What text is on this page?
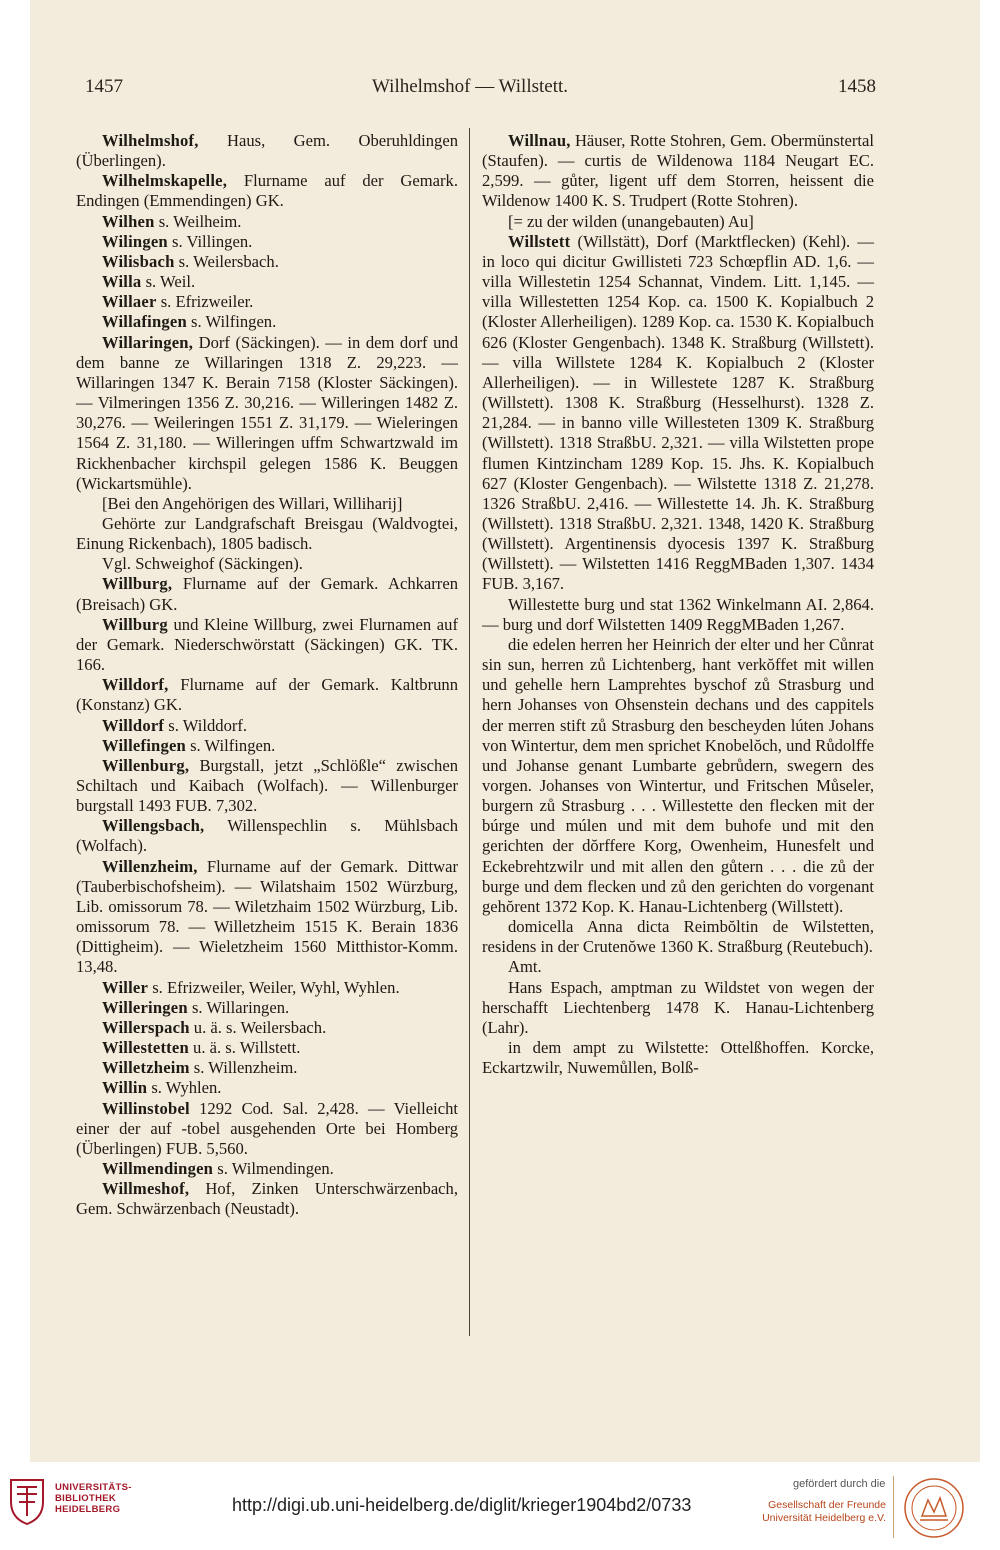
1457	Wilhelmshof — Willstett.	1458

Wilhelmshof, Haus, Gem. Oberuhldingen (Überlingen).

Wilhelmskapelle, Flurname auf der Gemark. Endingen (Emmendingen) GK.

Wilhen s. Weilheim.

Wilingen s. Villingen.

Wilisbach s. Weilersbach.

Willa s. Weil.

Willaer s. Efrizweiler.

Willafingen s. Wilfingen.

Willaringen, Dorf (Säckingen). — in dem dorf und dem banne ze Willaringen 1318 Z. 29,223. — Willaringen 1347 K. Berain 7158 (Kloster Säckingen). — Vilmeringen 1356 Z. 30,216. — Willeringen 1482 Z. 30,276. — Weileringen 1551 Z. 31,179. — Wieleringen 1564 Z. 31,180. — Willeringen uffm Schwartzwald im Rickhenbacher kirchspil gelegen 1586 K. Beuggen (Wickartsmühle).

[Bei den Angehörigen des Willari, Williharij]

Gehörte zur Landgrafschaft Breisgau (Waldvogtei, Einung Rickenbach), 1805 badisch.

Vgl. Schweighof (Säckingen).

Willburg, Flurname auf der Gemark. Achkarren (Breisach) GK.

Willburg und Kleine Willburg, zwei Flurnamen auf der Gemark. Niederschwörstatt (Säckingen) GK. TK. 166.

Willdorf, Flurname auf der Gemark. Kaltbrunn (Konstanz) GK.

Willdorf s. Wilddorf.

Willefingen s. Wilfingen.

Willenburg, Burgstall, jetzt „Schlößle“ zwischen Schiltach und Kaibach (Wolfach). — Willenburger burgstall 1493 FUB. 7,302.

Willengsbach, Willenspechlin s. Mühlsbach (Wolfach).

Willenzheim, Flurname auf der Gemark. Dittwar (Tauberbischofsheim). — Wilatshaim 1502 Würzburg, Lib. omissorum 78. — Wiletzhaim 1502 Würzburg, Lib. omissorum 78. — Willetzheim 1515 K. Berain 1836 (Dittigheim). — Wieletzheim 1560 Mitthistor-Komm. 13,48.

Willer s. Efrizweiler, Weiler, Wyhl, Wyhlen.

Willeringen s. Willaringen.

Willerspach u. ä. s. Weilersbach.

Willestetten u. ä. s. Willstett.

Willetzheim s. Willenzheim.

Willin s. Wyhlen.

Willinstobel 1292 Cod. Sal. 2,428. — Vielleicht einer der auf -tobel ausgehenden Orte bei Homberg (Überlingen) FUB. 5,560.

Willmendingen s. Wilmendingen.

Willmeshof, Hof, Zinken Unterschwärzenbach, Gem. Schwärzenbach (Neustadt).

Willnau, Häuser, Rotte Stohren, Gem. Obermünstertal (Staufen). — curtis de Wildenowa 1184 Neugart EC. 2,599. — gůter, ligent uff dem Storren, heissent die Wildenow 1400 K. S. Trudpert (Rotte Stohren).

[= zu der wilden (unangebauten) Au]

Willstett (Willstätt), Dorf (Marktflecken) (Kehl). — in loco qui dicitur Gwillisteti 723 Schœpflin AD. 1,6. — villa Willestetin 1254 Schannat, Vindem. Litt. 1,145. — villa Willestetten 1254 Kop. ca. 1500 K. Kopialbuch 2 (Kloster Allerheiligen). 1289 Kop. ca. 1530 K. Kopialbuch 626 (Kloster Gengenbach). 1348 K. Straßburg (Willstett). — villa Willstete 1284 K. Kopialbuch 2 (Kloster Allerheiligen). — in Willestete 1287 K. Straßburg (Willstett). 1308 K. Straßburg (Hesselhurst). 1328 Z. 21,284. — in banno ville Willesteten 1309 K. Straßburg (Willstett). 1318 StraßbU. 2,321. — villa Wilstetten prope flumen Kintzincham 1289 Kop. 15. Jhs. K. Kopialbuch 627 (Kloster Gengenbach). — Wilstette 1318 Z. 21,278. 1326 StraßbU. 2,416. — Willestette 14. Jh. K. Straßburg (Willstett). 1318 StraßbU. 2,321. 1348, 1420 K. Straßburg (Willstett). Argentinensis dyocesis 1397 K. Straßburg (Willstett). — Wilstetten 1416 ReggMBaden 1,307. 1434 FUB. 3,167.

Willestette burg und stat 1362 Winkelmann AI. 2,864. — burg und dorf Wilstetten 1409 ReggMBaden 1,267.

die edelen herren her Heinrich der elter und her Cůnrat sin sun, herren zů Lichtenberg, hant verkŏffet mit willen und gehelle hern Lamprehtes byschof zů Strasburg und hern Johanses von Ohsenstein dechans und des cappitels der merren stift zů Strasburg den bescheyden lúten Johans von Wintertur, dem men sprichet Knobelŏch, und Růdolffe und Johanse genant Lumbarte gebrůdern, swegern des vorgen. Johanses von Wintertur, und Fritschen Můseler, burgern zů Strasburg . . . Willestette den flecken mit der búrge und múlen und mit dem buhofe und mit den gerichten der dŏrffere Korg, Owenheim, Hunesfelt und Eckebrehtzwilr und mit allen den gůtern . . . die zů der burge und dem flecken und zů den gerichten do vorgenant gehŏrent 1372 Kop. K. Hanau-Lichtenberg (Willstett).

domicella Anna dicta Reimbŏltin de Wilstetten, residens in der Crutenŏwe 1360 K. Straßburg (Reutebuch).

Amt.

Hans Espach, amptman zu Wildstet von wegen der herschafft Liechtenberg 1478 K. Hanau-Lichtenberg (Lahr).

in dem ampt zu Wilstette: Ottelßhoffen. Korcke, Eckartzwilr, Nuwemůllen, Bolß-

UNIVERSITÄTS-
BIBLIOTHEK
HEIDELBERG	http://digi.ub.uni-heidelberg.de/diglit/krieger1904bd2/0733
gefördert durch die
Gesellschaft der Freunde
Universität Heidelberg e.V.
